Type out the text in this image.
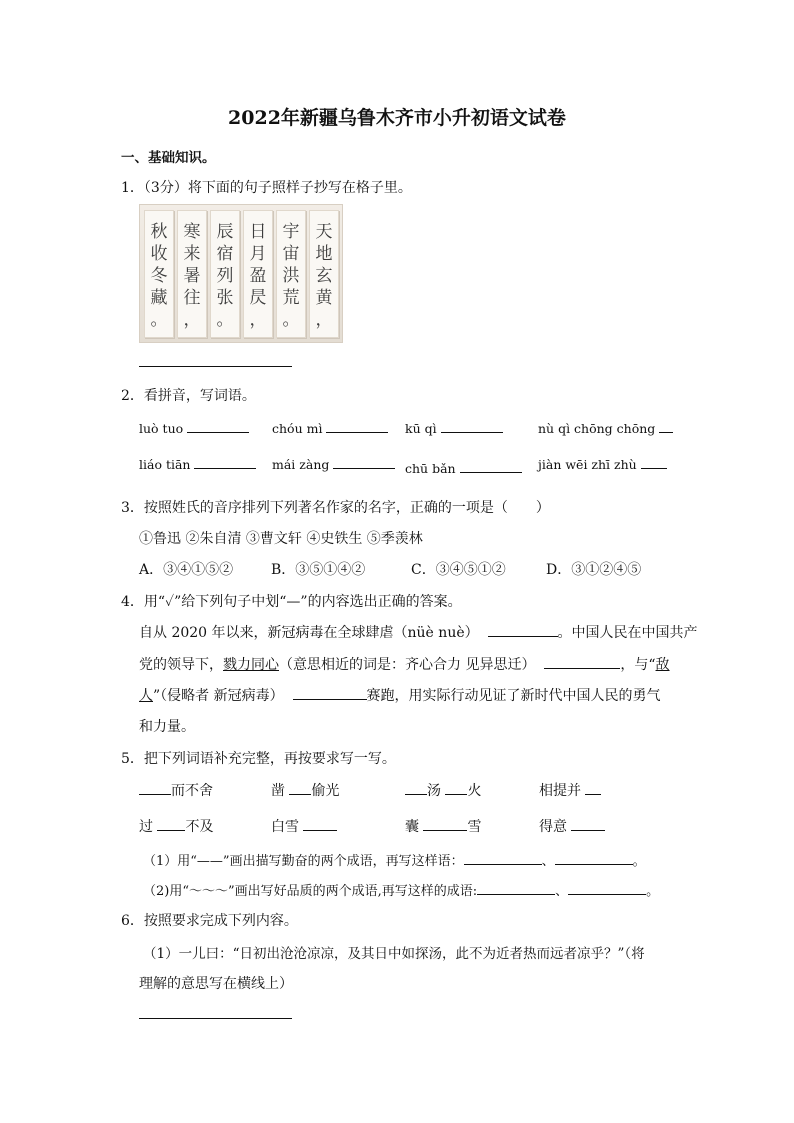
2022年新疆乌鲁木齐市小升初语文试卷
一、基础知识。
1．（3分）将下面的句子照样子抄写在格子里。
秋
收
冬
藏
。
寒
来
暑
往
，
辰
宿
列
张
。
日
月
盈
昃
，
宇
宙
洪
荒
。
天
地
玄
黄
，
2．看拼音，写词语。
luò tuo	chóu mì	kū qì	nù qì chōng chōng
liáo tiān	mái zàng	chū bǎn	jiàn wēi zhī zhù
3．按照姓氏的音序排列下列著名作家的名字，正确的一项是（　　）
①鲁迅 ②朱自清 ③曹文轩 ④史铁生 ⑤季羡林
A．③④①⑤②	B．③⑤①④②	C．③④⑤①②	D．③①②④⑤
4．用“✓”给下列句子中划“—”的内容选出正确的答案。
自从 2020 年以来，新冠病毒在全球肆虐（nüè nuè）	。中国人民在中国共产
党的领导下，戮力同心（意思相近的词是：齐心合力 见异思迁）	，与“敌
人”（侵略者 新冠病毒）	赛跑，用实际行动见证了新时代中国人民的勇气
和力量。
5．把下列词语补充完整，再按要求写一写。
而不舍	凿 偷光	汤 火	相提并
过 不及	白雪	囊	雪	得意
（1）用“——”画出描写勤奋的两个成语，再写这样语：	、	。
（2)用“～～～”画出写好品质的两个成语,再写这样的成语:	、	。
6．按照要求完成下列内容。
（1）一儿曰：“日初出沧沧凉凉，及其日中如探汤，此不为近者热而远者凉乎？”（将
理解的意思写在横线上）
